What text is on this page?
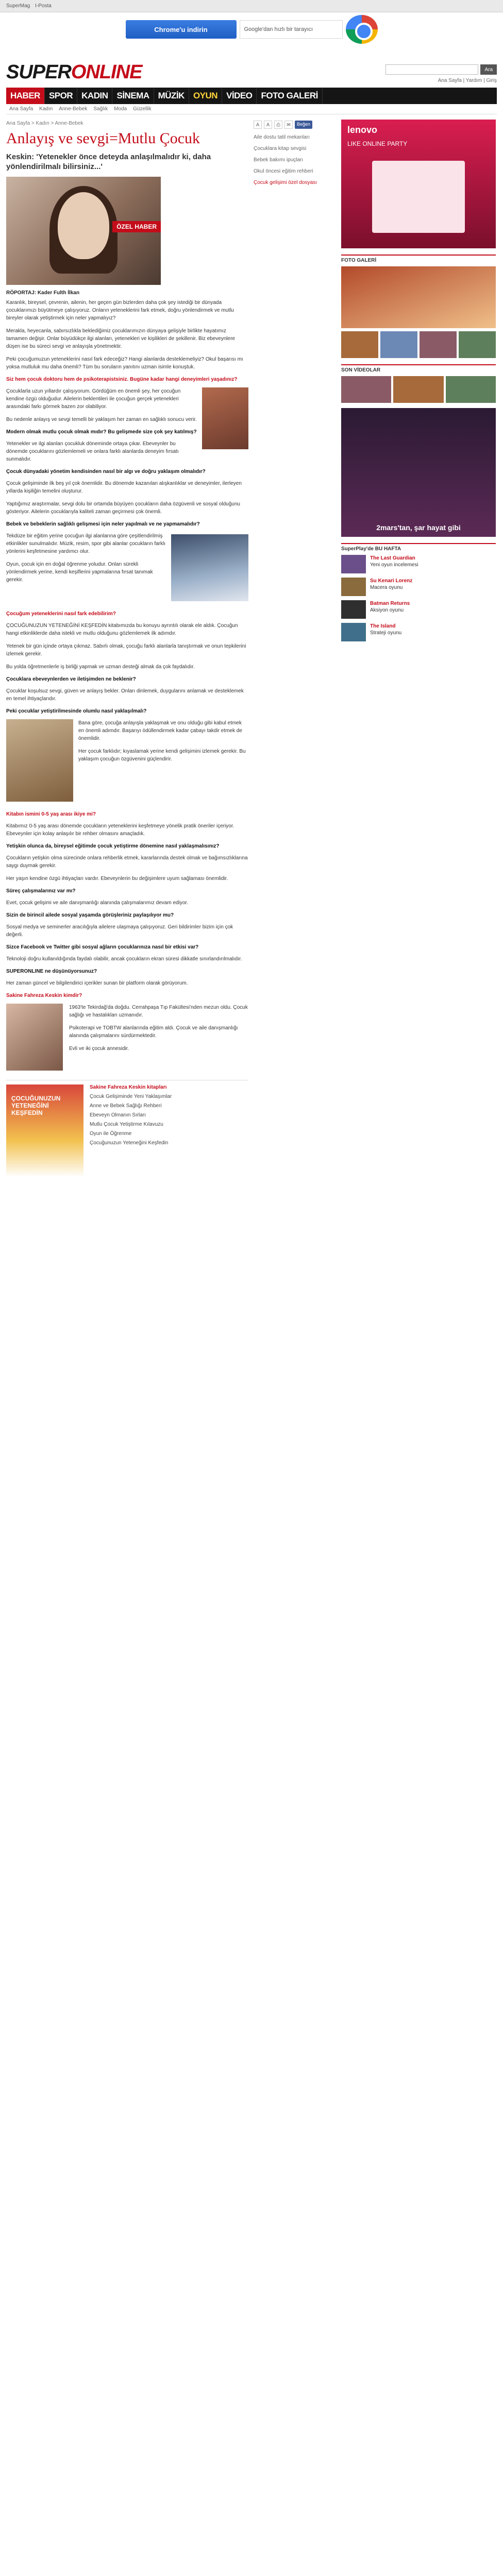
SuperMag I-Posta
Chrome'u indirin	Google'dan hızlı bir tarayıcı
SUPERONLINE	Ara
Ana Sayfa | Yardım | Giriş
HABER	SPOR	KADIN	SİNEMA	MÜZİK	OYUN	VİDEO	FOTO GALERİ
Ana Sayfa Kadın Anne-Bebek Sağlık Moda Güzellik
Ana Sayfa > Kadın > Anne-Bebek
Anlayış ve sevgi=Mutlu Çocuk
Keskin: 'Yetenekler önce deteyda anlaşılmalıdır ki, daha yönlendirilmalı bilirsiniz...'
ÖZEL HABER
RÖPORTAJ: Kader Fulth İlkan

Karanlık, bireysel, çevrenin, ailenin, her geçen gün bizlerden daha çok şey istediği bir dünyada çocuklarımızı büyütmeye çalışıyoruz. Onların yeteneklerini fark etmek, doğru yönlendirmek ve mutlu bireyler olarak yetiştirmek için neler yapmalıyız?

Merakla, heyecanla, sabırsızlıkla beklediğimiz çocuklarımızın dünyaya gelişiyle birlikte hayatımız tamamen değişir. Onlar büyüdükçe ilgi alanları, yetenekleri ve kişilikleri de şekillenir. Biz ebeveynlere düşen ise bu süreci sevgi ve anlayışla yönetmektir.

Peki çocuğumuzun yeteneklerini nasıl fark edeceğiz? Hangi alanlarda desteklemeliyiz? Okul başarısı mı yoksa mutluluk mu daha önemli? Tüm bu soruların yanıtını uzman isimle konuştuk.

Siz hem çocuk doktoru hem de psikoterapistsiniz. Bugüne kadar hangi deneyimleri yaşadınız?

Çocuklarla uzun yıllardır çalışıyorum. Gördüğüm en önemli şey, her çocuğun kendine özgü olduğudur. Ailelerin beklentileri ile çocuğun gerçek yetenekleri arasındaki farkı görmek bazen zor olabiliyor.

Bu nedenle anlayış ve sevgi temelli bir yaklaşım her zaman en sağlıklı sonucu verir.

Modern olmak mutlu çocuk olmak mıdır? Bu gelişmede size çok şey katılmış?

Yetenekler ve ilgi alanları çocukluk döneminde ortaya çıkar. Ebeveynler bu dönemde çocuklarını gözlemlemeli ve onlara farklı alanlarda deneyim fırsatı sunmalıdır.

Çocuk dünyadaki yönetim kendisinden nasıl bir algı ve doğru yaklaşım olmalıdır?

Çocuk gelişiminde ilk beş yıl çok önemlidir. Bu dönemde kazanılan alışkanlıklar ve deneyimler, ilerleyen yıllarda kişiliğin temelini oluşturur.

Yaptığımız araştırmalar, sevgi dolu bir ortamda büyüyen çocukların daha özgüvenli ve sosyal olduğunu gösteriyor. Ailelerin çocuklarıyla kaliteli zaman geçirmesi çok önemli.

Bebek ve bebeklerin sağlıklı gelişmesi için neler yapılmalı ve ne yapmamalıdır?

Tekdüze bir eğitim yerine çocuğun ilgi alanlarına göre çeşitlendirilmiş etkinlikler sunulmalıdır. Müzik, resim, spor gibi alanlar çocukların farklı yönlerini keşfetmesine yardımcı olur.

Oyun, çocuk için en doğal öğrenme yoludur. Onları sürekli yönlendirmek yerine, kendi keşiflerini yapmalarına fırsat tanımak gerekir.

Çocuğum yeteneklerini nasıl fark edebilirim?

ÇOCUĞUNUZUN YETENEĞİNİ KEŞFEDİN kitabımızda bu konuyu ayrıntılı olarak ele aldık. Çocuğun hangi etkinliklerde daha istekli ve mutlu olduğunu gözlemlemek ilk adımdır.

Yetenek bir gün içinde ortaya çıkmaz. Sabırlı olmak, çocuğu farklı alanlarla tanıştırmak ve onun tepkilerini izlemek gerekir.

Bu yolda öğretmenlerle iş birliği yapmak ve uzman desteği almak da çok faydalıdır.

Çocuklara ebeveynlerden ve iletişimden ne beklenir?

Çocuklar koşulsuz sevgi, güven ve anlayış bekler. Onları dinlemek, duygularını anlamak ve desteklemek en temel ihtiyaçlarıdır.

Peki çocuklar yetiştirilmesinde olumlu nasıl yaklaşılmalı?

Bana göre, çocuğa anlayışla yaklaşmak ve onu olduğu gibi kabul etmek en önemli adımdır. Başarıyı ödüllendirmek kadar çabayı takdir etmek de önemlidir.

Her çocuk farklıdır; kıyaslamak yerine kendi gelişimini izlemek gerekir. Bu yaklaşım çocuğun özgüvenini güçlendirir.

Kitabın ismini 0-5 yaş arası ikiye mi?

Kitabımız 0-5 yaş arası dönemde çocukların yeteneklerini keşfetmeye yönelik pratik öneriler içeriyor. Ebeveynler için kolay anlaşılır bir rehber olmasını amaçladık.

Yetişkin olunca da, bireysel eğitimde çocuk yetiştirme dönemine nasıl yaklaşmalısınız?

Çocukların yetişkin olma sürecinde onlara rehberlik etmek, kararlarında destek olmak ve bağımsızlıklarına saygı duymak gerekir.

Her yaşın kendine özgü ihtiyaçları vardır. Ebeveynlerin bu değişimlere uyum sağlaması önemlidir.

Süreç çalışmalarınız var mı?

Evet, çocuk gelişimi ve aile danışmanlığı alanında çalışmalarımız devam ediyor.

Sizin de birincil ailede sosyal yaşamda görüşleriniz paylaşılıyor mu?

Sosyal medya ve seminerler aracılığıyla ailelere ulaşmaya çalışıyoruz. Geri bildirimler bizim için çok değerli.

Sizce Facebook ve Twitter gibi sosyal ağların çocuklarınıza nasıl bir etkisi var?

Teknoloji doğru kullanıldığında faydalı olabilir, ancak çocukların ekran süresi dikkatle sınırlandırılmalıdır.

SUPERONLINE ne düşünüyorsunuz?

Her zaman güncel ve bilgilendirici içerikler sunan bir platform olarak görüyorum.

Sakine Fahreza Keskin kimdir?

1963'te Tekirdağ'da doğdu. Cerrahpaşa Tıp Fakültesi'nden mezun oldu. Çocuk sağlığı ve hastalıkları uzmanıdır.

Psikoterapi ve TOBTW alanlarında eğitim aldı. Çocuk ve aile danışmanlığı alanında çalışmalarını sürdürmektedir.

Evli ve iki çocuk annesidir.

ÇOCUĞUNUZUN YETENEĞİNİ KEŞFEDİN
Sakine Fahreza Keskin kitapları
Çocuk Gelişiminde Yeni Yaklaşımlar
Anne ve Bebek Sağlığı Rehberi
Ebeveyn Olmanın Sırları
Mutlu Çocuk Yetiştirme Kılavuzu
Oyun ile Öğrenme
Çocuğunuzun Yeteneğini Keşfedin
A	A	⎙	✉	Beğen

Aile dostu tatil mekanları

Çocuklara kitap sevgisi

Bebek bakımı ipuçları

Okul öncesi eğitim rehberi

Çocuk gelişimi özel dosyası

lenovo
LIKE ONLINE PARTY
FOTO GALERİ
SON VİDEOLAR
2mars'tan, şar hayat gibi
SuperPlay'de BU HAFTA
The Last Guardian
Yeni oyun incelemesi
Su Kenari Lorenz
Macera oyunu
Batman Returns
Aksiyon oyunu
The Island
Strateji oyunu
